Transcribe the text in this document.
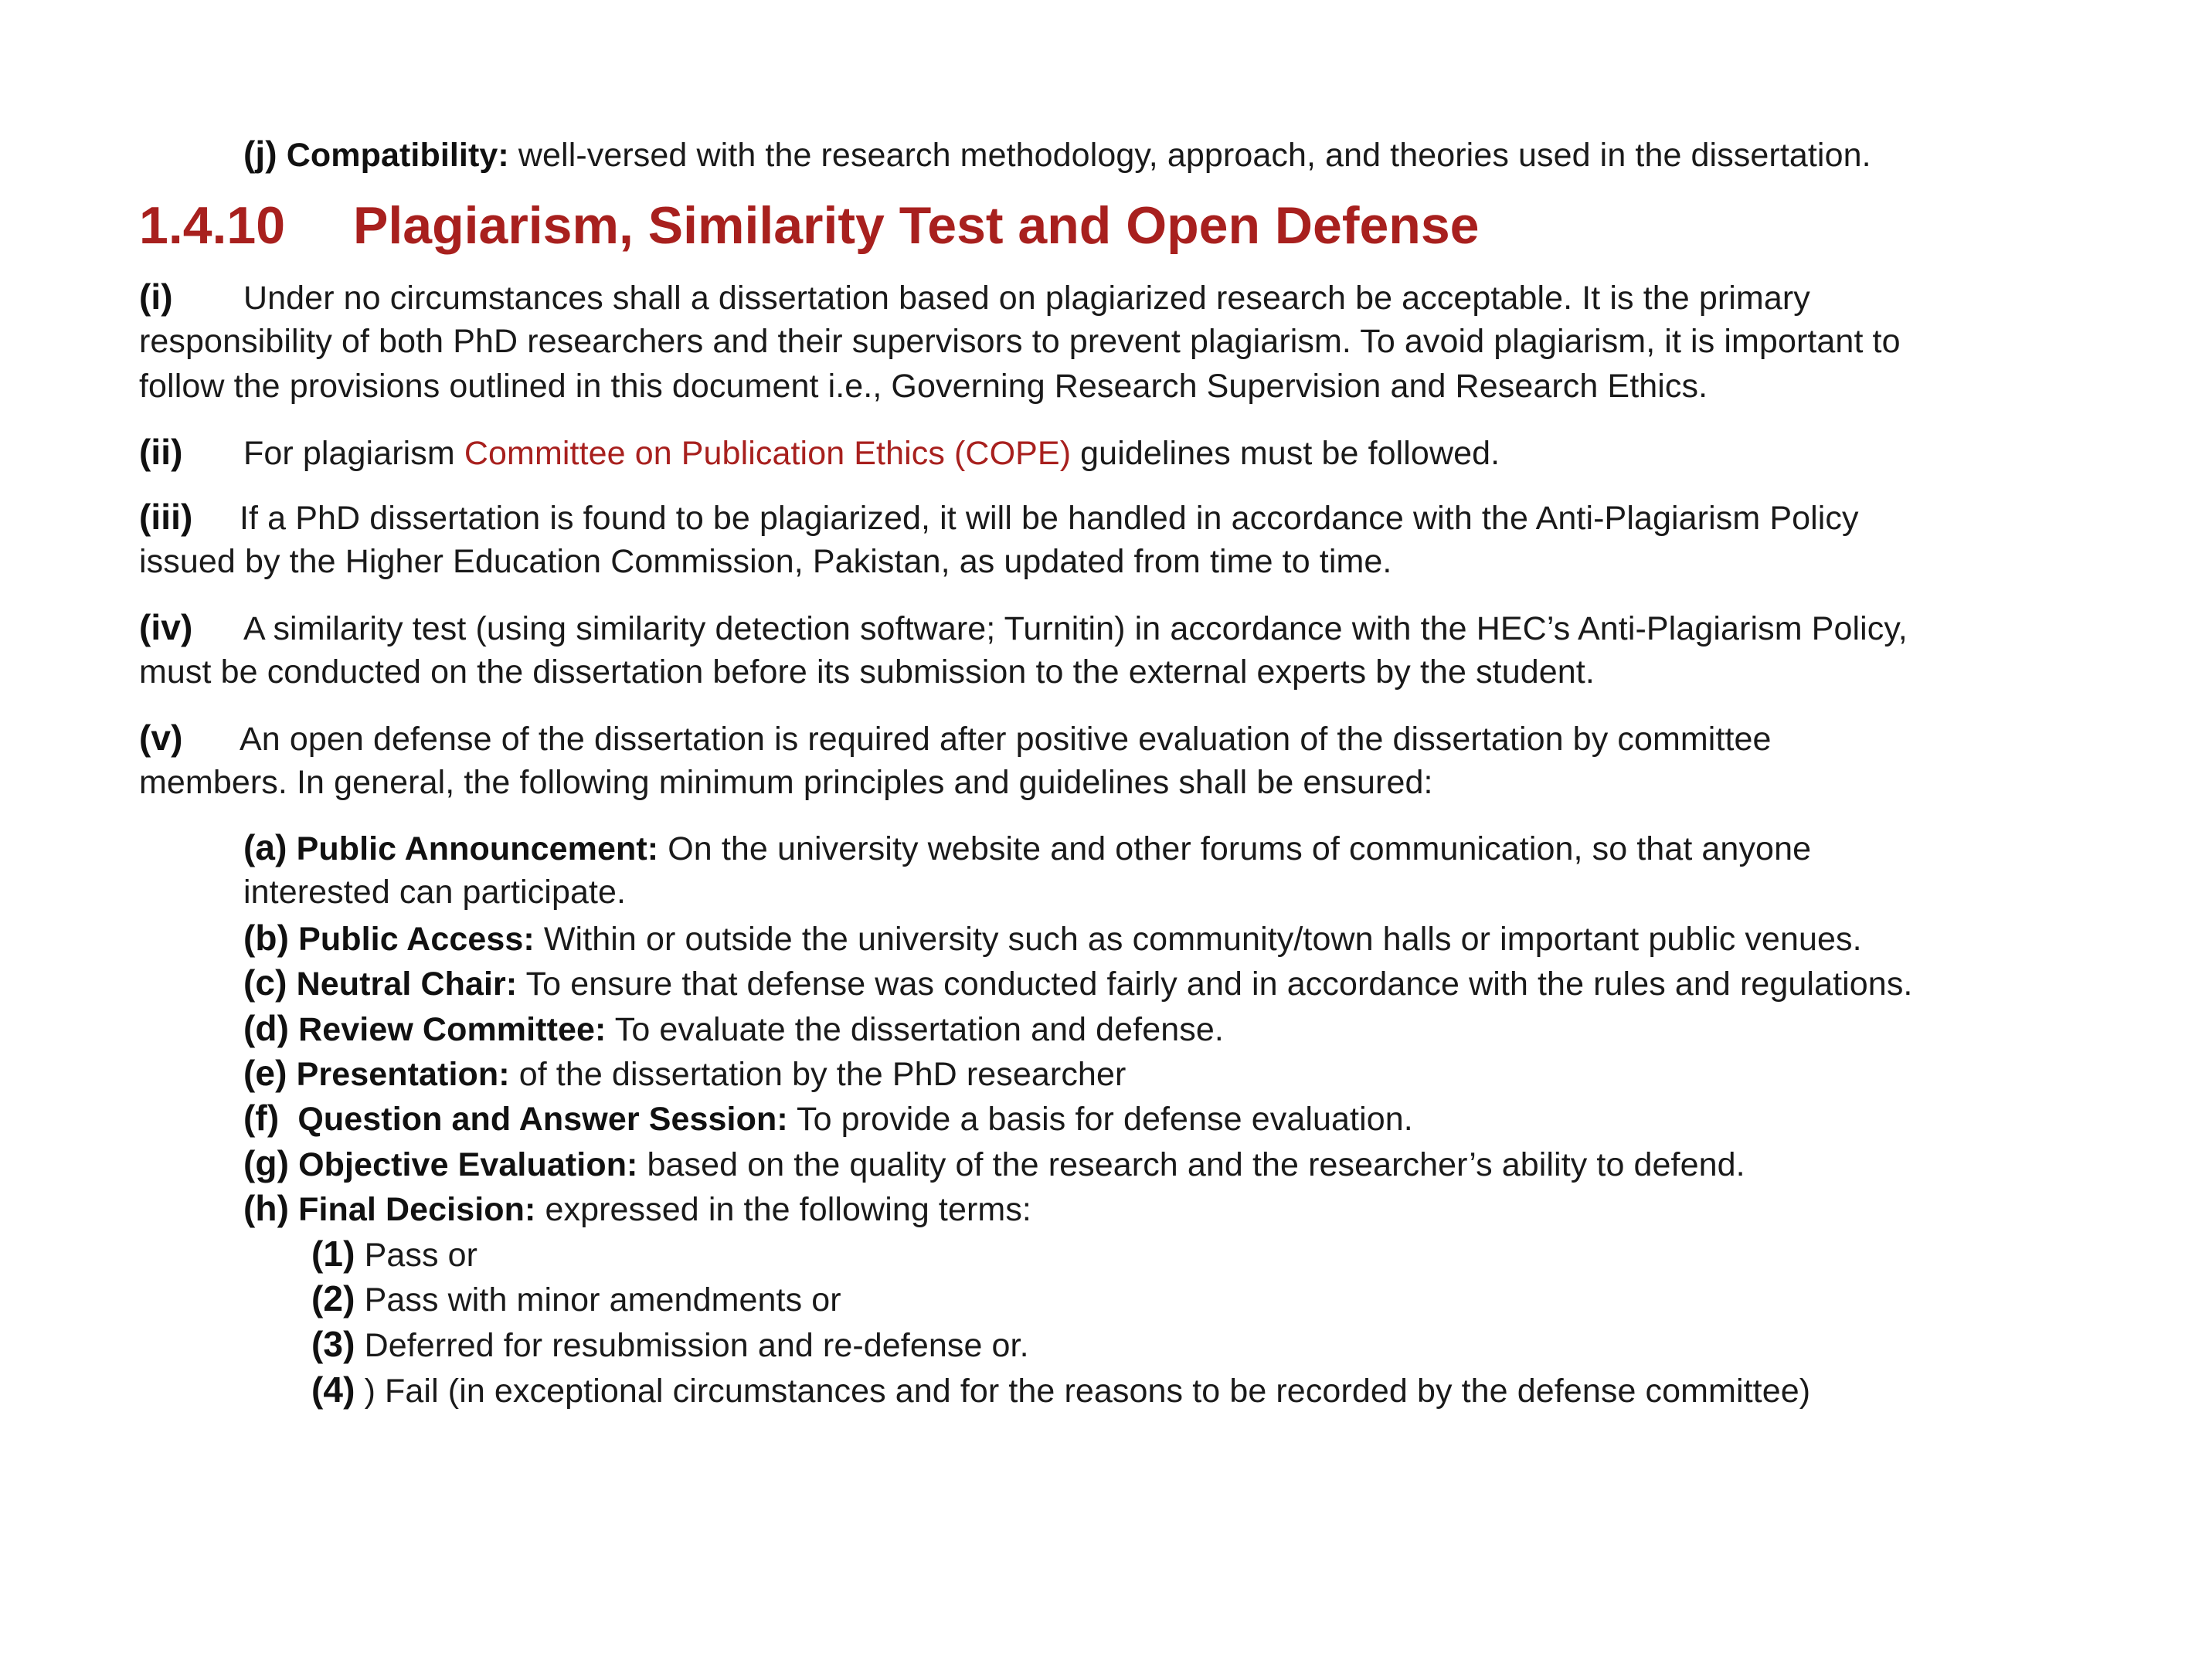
(j) Compatibility: well-versed with the research methodology, approach, and theories used in the dissertation.
1.4.10 Plagiarism, Similarity Test and Open Defense
(i) Under no circumstances shall a dissertation based on plagiarized research be acceptable. It is the primary
responsibility of both PhD researchers and their supervisors to prevent plagiarism. To avoid plagiarism, it is important to
follow the provisions outlined in this document i.e., Governing Research Supervision and Research Ethics.
(ii) For plagiarism Committee on Publication Ethics (COPE) guidelines must be followed.
(iii) If a PhD dissertation is found to be plagiarized, it will be handled in accordance with the Anti-Plagiarism Policy
issued by the Higher Education Commission, Pakistan, as updated from time to time.
(iv) A similarity test (using similarity detection software; Turnitin) in accordance with the HEC’s Anti-Plagiarism Policy,
must be conducted on the dissertation before its submission to the external experts by the student.
(v) An open defense of the dissertation is required after positive evaluation of the dissertation by committee
members. In general, the following minimum principles and guidelines shall be ensured:
(a) Public Announcement: On the university website and other forums of communication, so that anyone
interested can participate.
(b) Public Access: Within or outside the university such as community/town halls or important public venues.
(c) Neutral Chair: To ensure that defense was conducted fairly and in accordance with the rules and regulations.
(d) Review Committee: To evaluate the dissertation and defense.
(e) Presentation: of the dissertation by the PhD researcher
(f) Question and Answer Session: To provide a basis for defense evaluation.
(g) Objective Evaluation: based on the quality of the research and the researcher’s ability to defend.
(h) Final Decision: expressed in the following terms:
(1) Pass or
(2) Pass with minor amendments or
(3) Deferred for resubmission and re-defense or.
(4) ) Fail (in exceptional circumstances and for the reasons to be recorded by the defense committee)
